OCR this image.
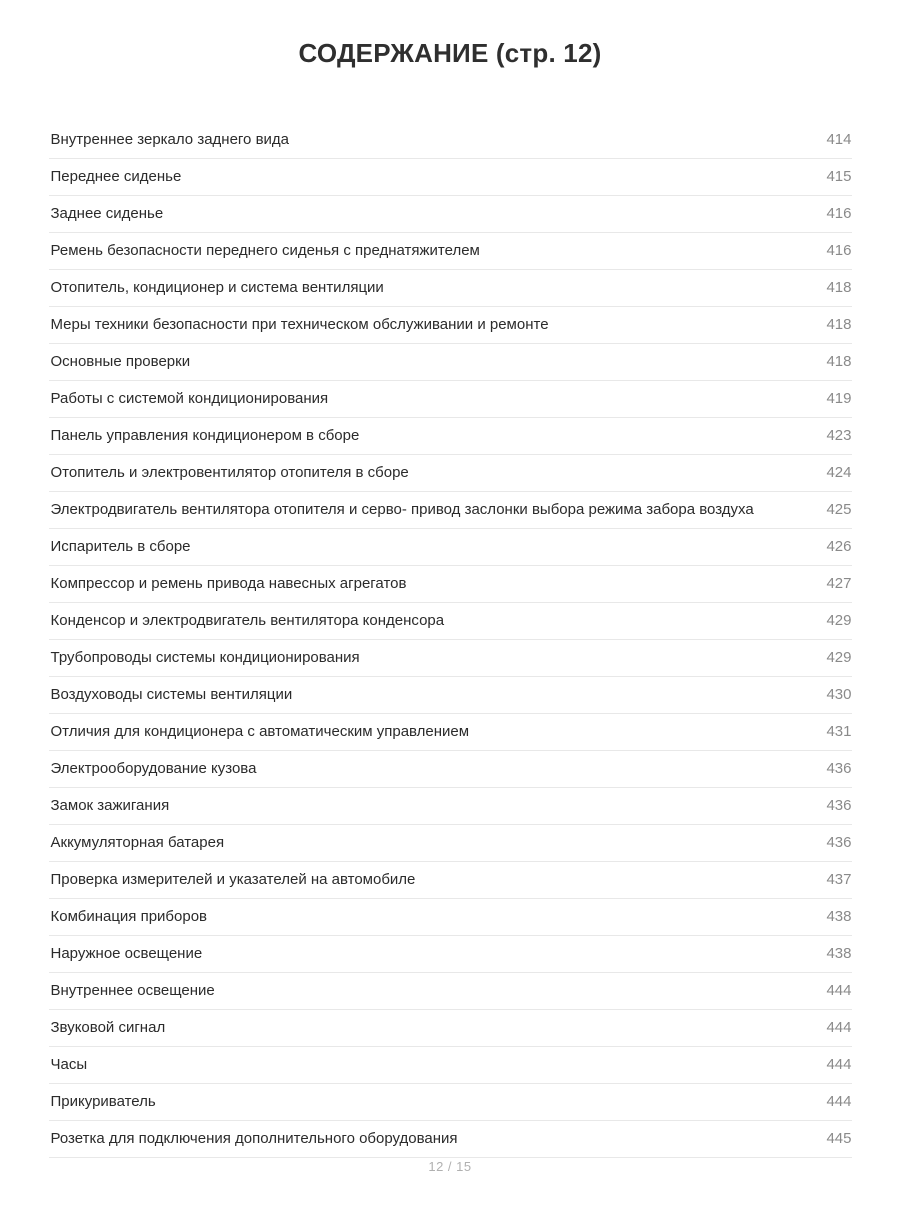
СОДЕРЖАНИЕ (стр. 12)
Внутреннее зеркало заднего вида	414
Переднее сиденье	415
Заднее сиденье	416
Ремень безопасности переднего сиденья с преднатяжителем	416
Отопитель, кондиционер и система вентиляции	418
Меры техники безопасности при техническом обслуживании и ремонте	418
Основные проверки	418
Работы с системой кондиционирования	419
Панель управления кондиционером в сборе	423
Отопитель и электровентилятор отопителя в сборе	424
Электродвигатель вентилятора отопителя и серво- привод заслонки выбора режима забора воздуха	425
Испаритель в сборе	426
Компрессор и ремень привода навесных агрегатов	427
Конденсор и электродвигатель вентилятора конденсора	429
Трубопроводы системы кондиционирования	429
Воздуховоды системы вентиляции	430
Отличия для кондиционера с автоматическим управлением	431
Электрооборудование кузова	436
Замок зажигания	436
Аккумуляторная батарея	436
Проверка измерителей и указателей на автомобиле	437
Комбинация приборов	438
Наружное освещение	438
Внутреннее освещение	444
Звуковой сигнал	444
Часы	444
Прикуриватель	444
Розетка для подключения дополнительного оборудования	445
12 / 15
